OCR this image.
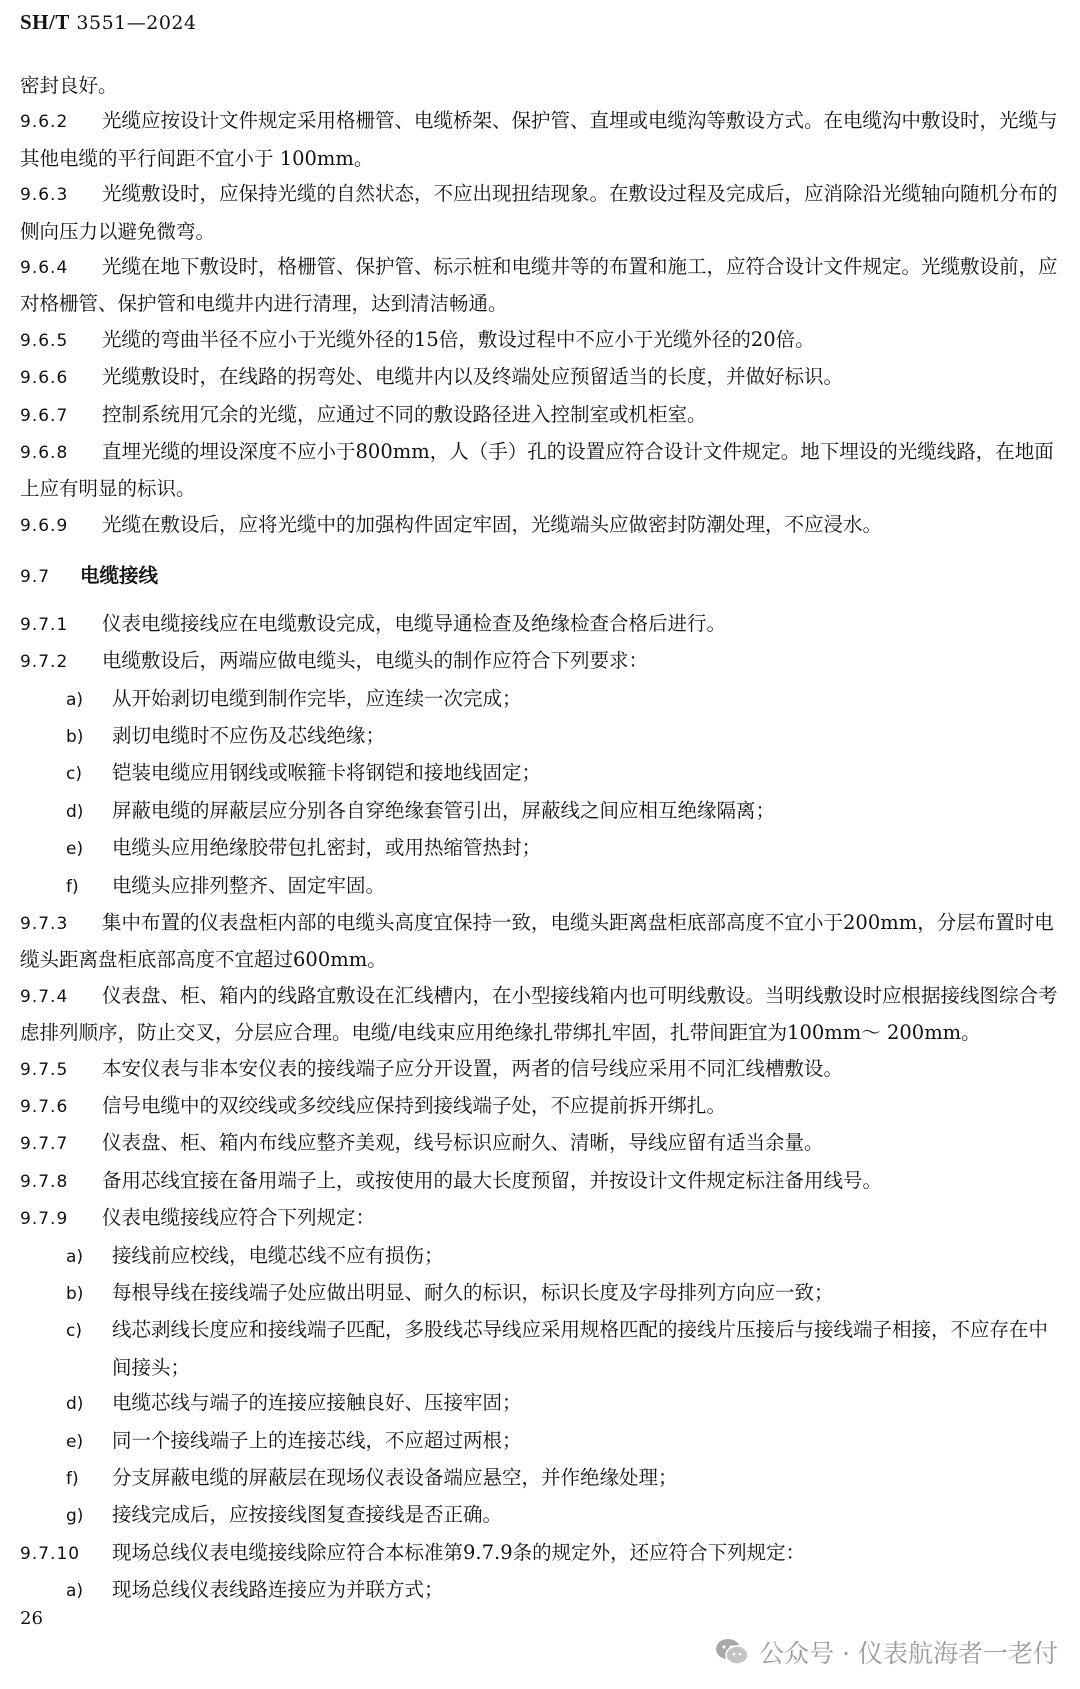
SH/T 3551—2024

密封良好。

9.6.2 光缆应按设计文件规定采用格栅管、电缆桥架、保护管、直埋或电缆沟等敷设方式。在电缆沟中敷设时，光缆与其他电缆的平行间距不宜小于 100mm。

9.6.3 光缆敷设时，应保持光缆的自然状态，不应出现扭结现象。在敷设过程及完成后，应消除沿光缆轴向随机分布的侧向压力以避免微弯。

9.6.4 光缆在地下敷设时，格栅管、保护管、标示桩和电缆井等的布置和施工，应符合设计文件规定。光缆敷设前，应对格栅管、保护管和电缆井内进行清理，达到清洁畅通。

9.6.5 光缆的弯曲半径不应小于光缆外径的15倍，敷设过程中不应小于光缆外径的20倍。

9.6.6 光缆敷设时，在线路的拐弯处、电缆井内以及终端处应预留适当的长度，并做好标识。

9.6.7 控制系统用冗余的光缆，应通过不同的敷设路径进入控制室或机柜室。

9.6.8 直埋光缆的埋设深度不应小于800mm，人（手）孔的设置应符合设计文件规定。地下埋设的光缆线路，在地面上应有明显的标识。

9.6.9 光缆在敷设后，应将光缆中的加强构件固定牢固，光缆端头应做密封防潮处理，不应浸水。

9.7 电缆接线

9.7.1 仪表电缆接线应在电缆敷设完成，电缆导通检查及绝缘检查合格后进行。

9.7.2 电缆敷设后，两端应做电缆头，电缆头的制作应符合下列要求：

a) 从开始剥切电缆到制作完毕，应连续一次完成；

b) 剥切电缆时不应伤及芯线绝缘；

c) 铠装电缆应用钢线或喉箍卡将钢铠和接地线固定；

d) 屏蔽电缆的屏蔽层应分别各自穿绝缘套管引出，屏蔽线之间应相互绝缘隔离；

e) 电缆头应用绝缘胶带包扎密封，或用热缩管热封；

f) 电缆头应排列整齐、固定牢固。

9.7.3 集中布置的仪表盘柜内部的电缆头高度宜保持一致，电缆头距离盘柜底部高度不宜小于200mm，分层布置时电缆头距离盘柜底部高度不宜超过600mm。

9.7.4 仪表盘、柜、箱内的线路宜敷设在汇线槽内，在小型接线箱内也可明线敷设。当明线敷设时应根据接线图综合考虑排列顺序，防止交叉，分层应合理。电缆/电线束应用绝缘扎带绑扎牢固，扎带间距宜为100mm～ 200mm。

9.7.5 本安仪表与非本安仪表的接线端子应分开设置，两者的信号线应采用不同汇线槽敷设。

9.7.6 信号电缆中的双绞线或多绞线应保持到接线端子处，不应提前拆开绑扎。

9.7.7 仪表盘、柜、箱内布线应整齐美观，线号标识应耐久、清晰，导线应留有适当余量。

9.7.8 备用芯线宜接在备用端子上，或按使用的最大长度预留，并按设计文件规定标注备用线号。

9.7.9 仪表电缆接线应符合下列规定：

a) 接线前应校线，电缆芯线不应有损伤；

b) 每根导线在接线端子处应做出明显、耐久的标识，标识长度及字母排列方向应一致；

c) 线芯剥线长度应和接线端子匹配，多股线芯导线应采用规格匹配的接线片压接后与接线端子相接，不应存在中间接头；

d) 电缆芯线与端子的连接应接触良好、压接牢固；

e) 同一个接线端子上的连接芯线，不应超过两根；

f) 分支屏蔽电缆的屏蔽层在现场仪表设备端应悬空，并作绝缘处理；

g) 接线完成后，应按接线图复查接线是否正确。

9.7.10 现场总线仪表电缆接线除应符合本标准第9.7.9条的规定外，还应符合下列规定：

a) 现场总线仪表线路连接应为并联方式；

26
公众号 · 仪表航海者一老付
